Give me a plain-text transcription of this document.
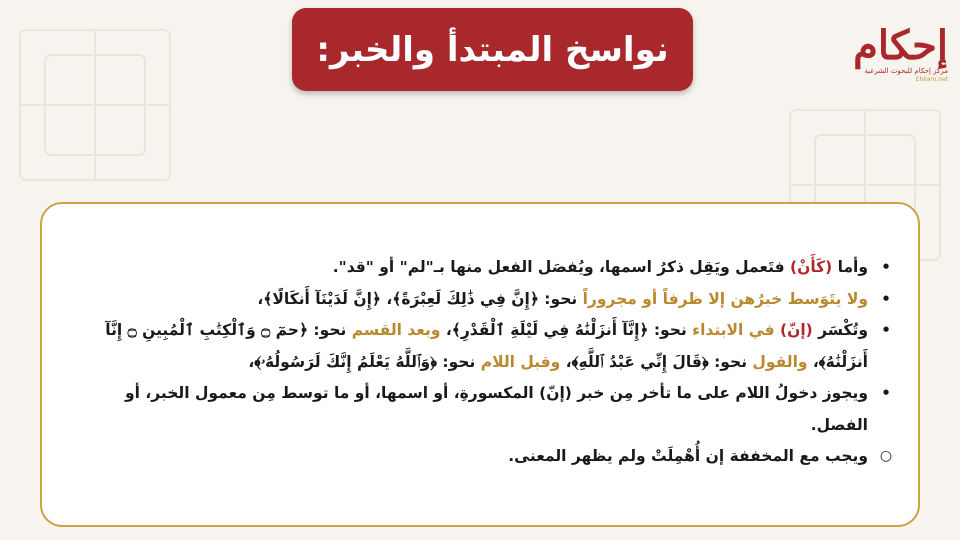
نواسخ المبتدأ والخبر:	إحكام
مركز إحكام للبحوث الشرعية
Ehkam.net
•
وأما (كَأَنْ) فتَعمل ويَقِل ذكرُ اسمها، ويُفصَل الفعل منها بـ"لم" أو "قد".
•
ولا يتَوَسط خبرُهن إلا ظرفاً أو مجروراً نحو: ﴿إِنَّ فِي ذَٰلِكَ لَعِبْرَةً﴾، ﴿إِنَّ لَدَيْنَآ أَنكَالًا﴾،
•
وتُكْسَر (إنّ) في الابتداء نحو: ﴿إِنَّآ أَنزَلْنَٰهُ فِي لَيْلَةِ ٱلْقَدْرِ﴾، وبعد القسم نحو: ﴿حمٓ ۝ وَٱلْكِتَٰبِ ٱلْمُبِينِ ۝ إِنَّآ أَنزَلْنَٰهُ﴾، والقول نحو: ﴿قَالَ إِنِّي عَبْدُ ٱللَّهِ﴾، وقبل اللام نحو: ﴿وَٱللَّهُ يَعْلَمُ إِنَّكَ لَرَسُولُهُۥ﴾،
•
ويجوز دخولُ اللام على ما تأخر مِن خبر (إنّ) المكسورةِ، أو اسمها، أو ما توسط مِن معمول الخبر، أو الفصل.
○
ويجب مع المخففة إن أُهْمِلَتْ ولم يظهر المعنى.
